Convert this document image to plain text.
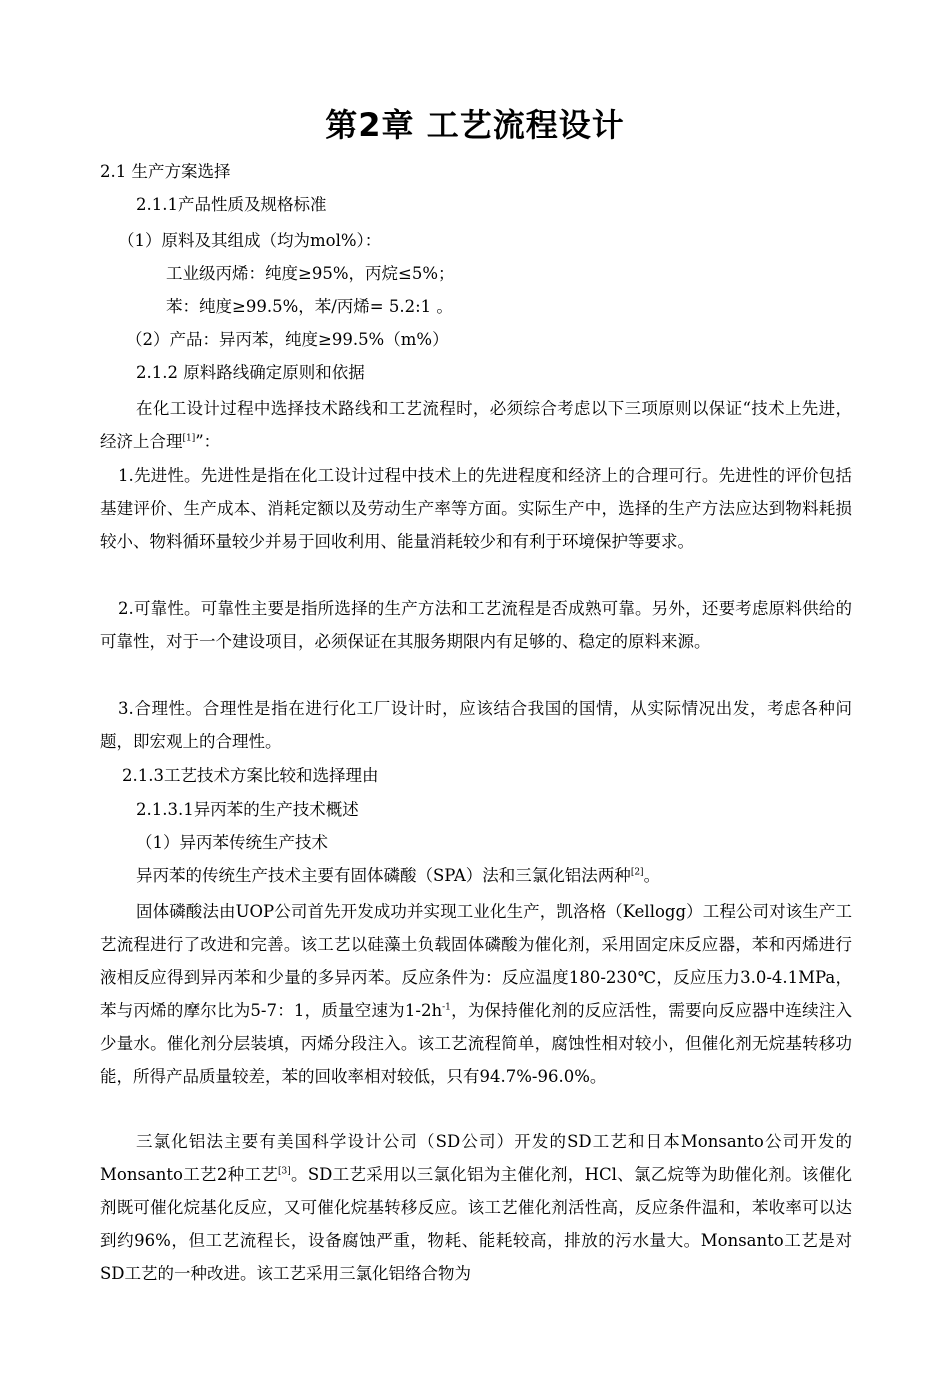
第2章 工艺流程设计

2.1 生产方案选择

2.1.1产品性质及规格标准

（1）原料及其组成（均为mol%）：

工业级丙烯：纯度≥95%，丙烷≤5%；

苯：纯度≥99.5%，苯/丙烯= 5.2:1 。

（2）产品：异丙苯，纯度≥99.5%（m%）

2.1.2 原料路线确定原则和依据

在化工设计过程中选择技术路线和工艺流程时，必须综合考虑以下三项原则以保证“技术上先进，经济上合理[1]”：

1.先进性。先进性是指在化工设计过程中技术上的先进程度和经济上的合理可行。先进性的评价包括基建评价、生产成本、消耗定额以及劳动生产率等方面。实际生产中，选择的生产方法应达到物料耗损较小、物料循环量较少并易于回收利用、能量消耗较少和有利于环境保护等要求。

2.可靠性。可靠性主要是指所选择的生产方法和工艺流程是否成熟可靠。另外，还要考虑原料供给的可靠性，对于一个建设项目，必须保证在其服务期限内有足够的、稳定的原料来源。

3.合理性。合理性是指在进行化工厂设计时，应该结合我国的国情，从实际情况出发，考虑各种问题，即宏观上的合理性。

2.1.3工艺技术方案比较和选择理由

2.1.3.1异丙苯的生产技术概述

（1）异丙苯传统生产技术

异丙苯的传统生产技术主要有固体磷酸（SPA）法和三氯化铝法两种[2]。

固体磷酸法由UOP公司首先开发成功并实现工业化生产，凯洛格（Kellogg）工程公司对该生产工艺流程进行了改进和完善。该工艺以硅藻土负载固体磷酸为催化剂，采用固定床反应器，苯和丙烯进行液相反应得到异丙苯和少量的多异丙苯。反应条件为：反应温度180-230℃，反应压力3.0-4.1MPa，苯与丙烯的摩尔比为5-7：1，质量空速为$1-2h^{-1}$，为保持催化剂的反应活性，需要向反应器中连续注入少量水。催化剂分层装填，丙烯分段注入。该工艺流程简单，腐蚀性相对较小，但催化剂无烷基转移功能，所得产品质量较差，苯的回收率相对较低，只有94.7%-96.0%。

三氯化铝法主要有美国科学设计公司（SD公司）开发的SD工艺和日本Monsanto公司开发的Monsanto工艺2种工艺[3]。SD工艺采用以三氯化铝为主催化剂，HCl、氯乙烷等为助催化剂。该催化剂既可催化烷基化反应，又可催化烷基转移反应。该工艺催化剂活性高，反应条件温和，苯收率可以达到约96%，但工艺流程长，设备腐蚀严重，物耗、能耗较高，排放的污水量大。Monsanto工艺是对SD工艺的一种改进。该工艺采用三氯化铝络合物为
